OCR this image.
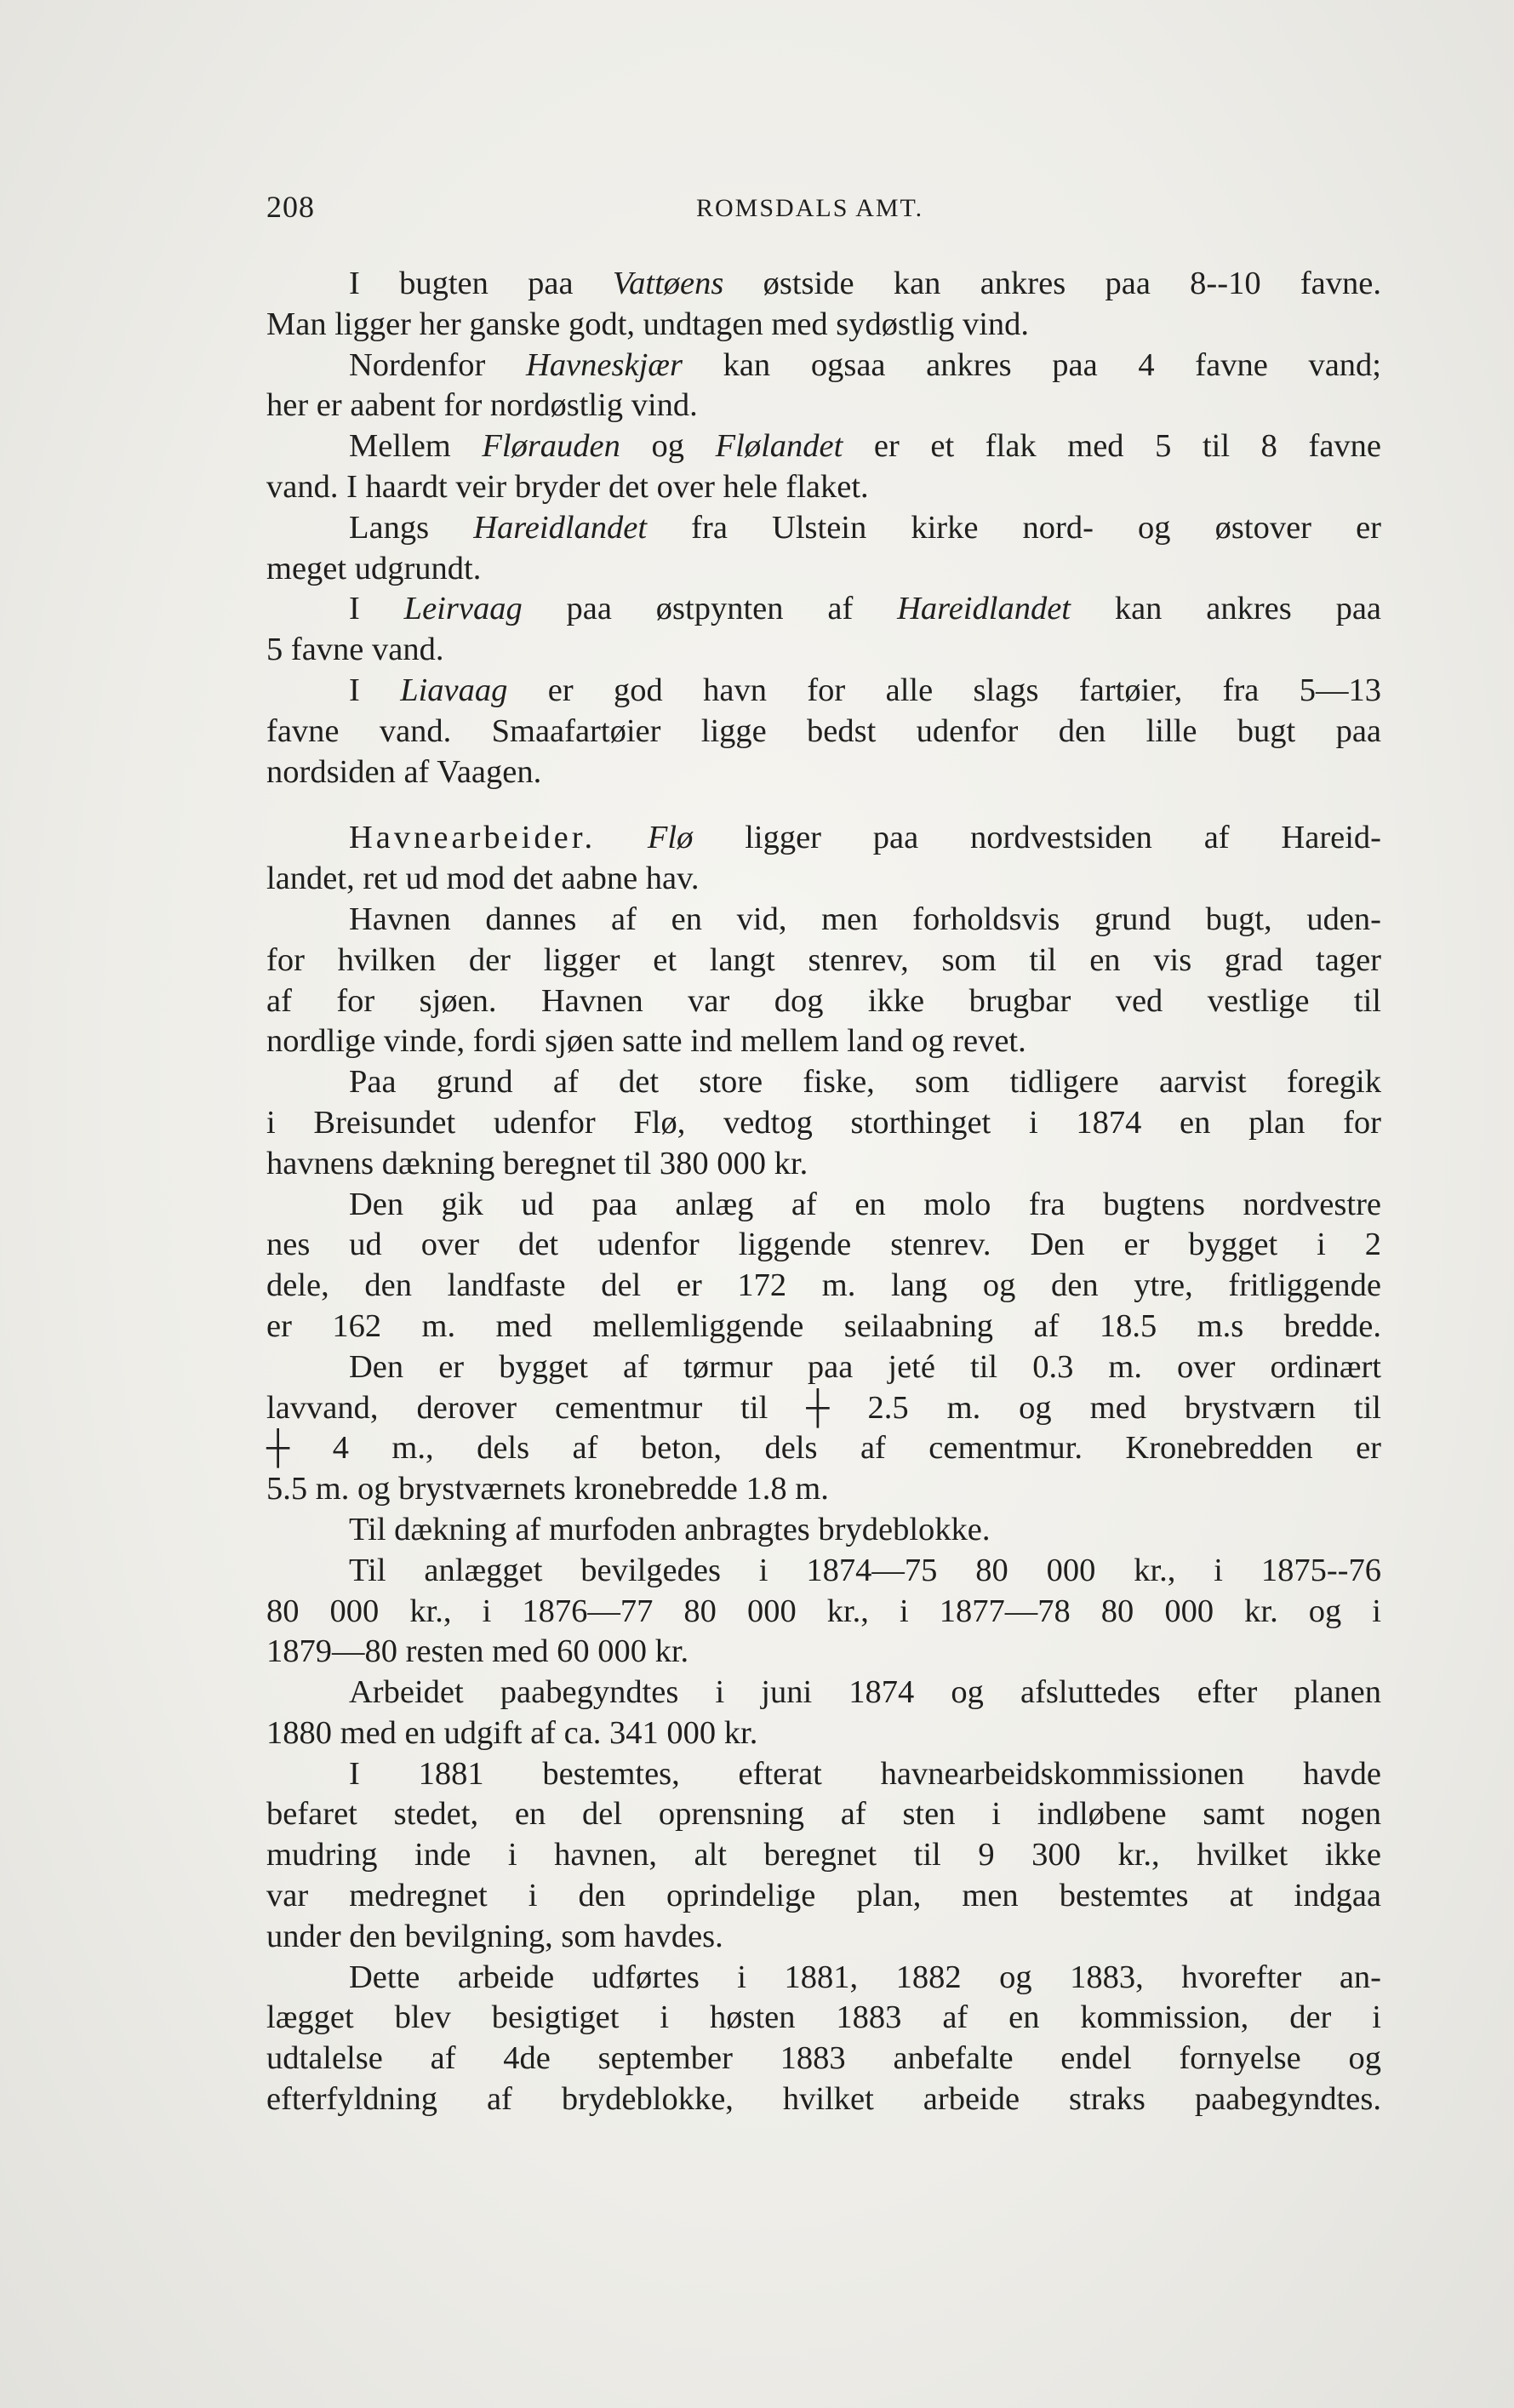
208	ROMSDALS AMT.
I bugten paa Vattøens østside kan ankres paa 8--10 favne.
Man ligger her ganske godt, undtagen med sydøstlig vind.
Nordenfor Havneskjær kan ogsaa ankres paa 4 favne vand;
her er aabent for nordøstlig vind.
Mellem Flørauden og Flølandet er et flak med 5 til 8 favne
vand. I haardt veir bryder det over hele flaket.
Langs Hareidlandet fra Ulstein kirke nord- og østover er
meget udgrundt.
I Leirvaag paa østpynten af Hareidlandet kan ankres paa
5 favne vand.
I Liavaag er god havn for alle slags fartøier, fra 5—13
favne vand. Smaafartøier ligge bedst udenfor den lille bugt paa
nordsiden af Vaagen.
Havnearbeider. Flø ligger paa nordvestsiden af Hareid-
landet, ret ud mod det aabne hav.
Havnen dannes af en vid, men forholdsvis grund bugt, uden-
for hvilken der ligger et langt stenrev, som til en vis grad tager
af for sjøen. Havnen var dog ikke brugbar ved vestlige til
nordlige vinde, fordi sjøen satte ind mellem land og revet.
Paa grund af det store fiske, som tidligere aarvist foregik
i Breisundet udenfor Flø, vedtog storthinget i 1874 en plan for
havnens dækning beregnet til 380 000 kr.
Den gik ud paa anlæg af en molo fra bugtens nordvestre
nes ud over det udenfor liggende stenrev. Den er bygget i 2
dele, den landfaste del er 172 m. lang og den ytre, fritliggende
er 162 m. med mellemliggende seilaabning af 18.5 m.s bredde.
Den er bygget af tørmur paa jeté til 0.3 m. over ordinært
lavvand, derover cementmur til ┼ 2.5 m. og med brystværn til
┼ 4 m., dels af beton, dels af cementmur. Kronebredden er
5.5 m. og brystværnets kronebredde 1.8 m.
Til dækning af murfoden anbragtes brydeblokke.
Til anlægget bevilgedes i 1874—75 80 000 kr., i 1875--76
80 000 kr., i 1876—77 80 000 kr., i 1877—78 80 000 kr. og i
1879—80 resten med 60 000 kr.
Arbeidet paabegyndtes i juni 1874 og afsluttedes efter planen
1880 med en udgift af ca. 341 000 kr.
I 1881 bestemtes, efterat havnearbeidskommissionen havde
befaret stedet, en del oprensning af sten i indløbene samt nogen
mudring inde i havnen, alt beregnet til 9 300 kr., hvilket ikke
var medregnet i den oprindelige plan, men bestemtes at indgaa
under den bevilgning, som havdes.
Dette arbeide udførtes i 1881, 1882 og 1883, hvorefter an-
lægget blev besigtiget i høsten 1883 af en kommission, der i
udtalelse af 4de september 1883 anbefalte endel fornyelse og
efterfyldning af brydeblokke, hvilket arbeide straks paabegyndtes.
